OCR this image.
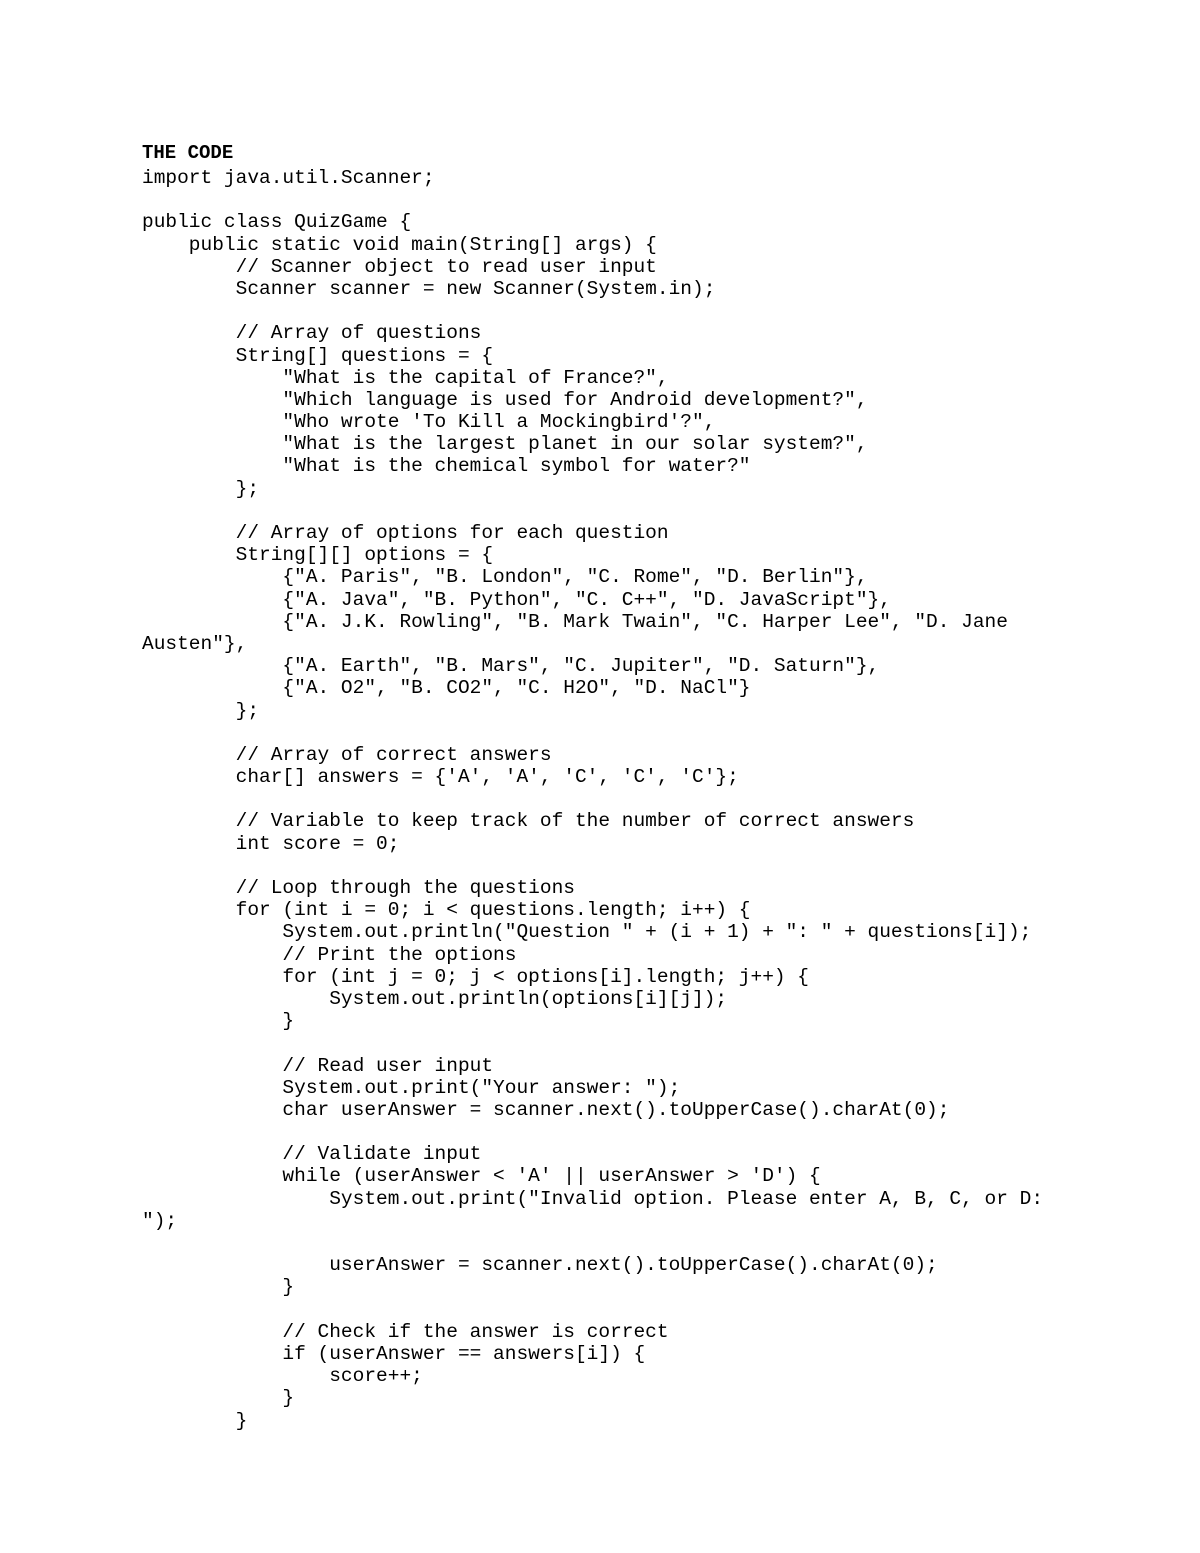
THE CODE
import java.util.Scanner;
public class QuizGame {
public static void main(String[] args) {
// Scanner object to read user input
Scanner scanner = new Scanner(System.in);
// Array of questions
String[] questions = {
"What is the capital of France?",
"Which language is used for Android development?",
"Who wrote 'To Kill a Mockingbird'?",
"What is the largest planet in our solar system?",
"What is the chemical symbol for water?"
};
// Array of options for each question
String[][] options = {
{"A. Paris", "B. London", "C. Rome", "D. Berlin"},
{"A. Java", "B. Python", "C. C++", "D. JavaScript"},
{"A. J.K. Rowling", "B. Mark Twain", "C. Harper Lee", "D. Jane
Austen"},
{"A. Earth", "B. Mars", "C. Jupiter", "D. Saturn"},
{"A. O2", "B. CO2", "C. H2O", "D. NaCl"}
};
// Array of correct answers
char[] answers = {'A', 'A', 'C', 'C', 'C'};
// Variable to keep track of the number of correct answers
int score = 0;
// Loop through the questions
for (int i = 0; i < questions.length; i++) {
System.out.println("Question " + (i + 1) + ": " + questions[i]);
// Print the options
for (int j = 0; j < options[i].length; j++) {
System.out.println(options[i][j]);
}
// Read user input
System.out.print("Your answer: ");
char userAnswer = scanner.next().toUpperCase().charAt(0);
// Validate input
while (userAnswer < 'A' || userAnswer > 'D') {
System.out.print("Invalid option. Please enter A, B, C, or D:
");
userAnswer = scanner.next().toUpperCase().charAt(0);
}
// Check if the answer is correct
if (userAnswer == answers[i]) {
score++;
}
}
